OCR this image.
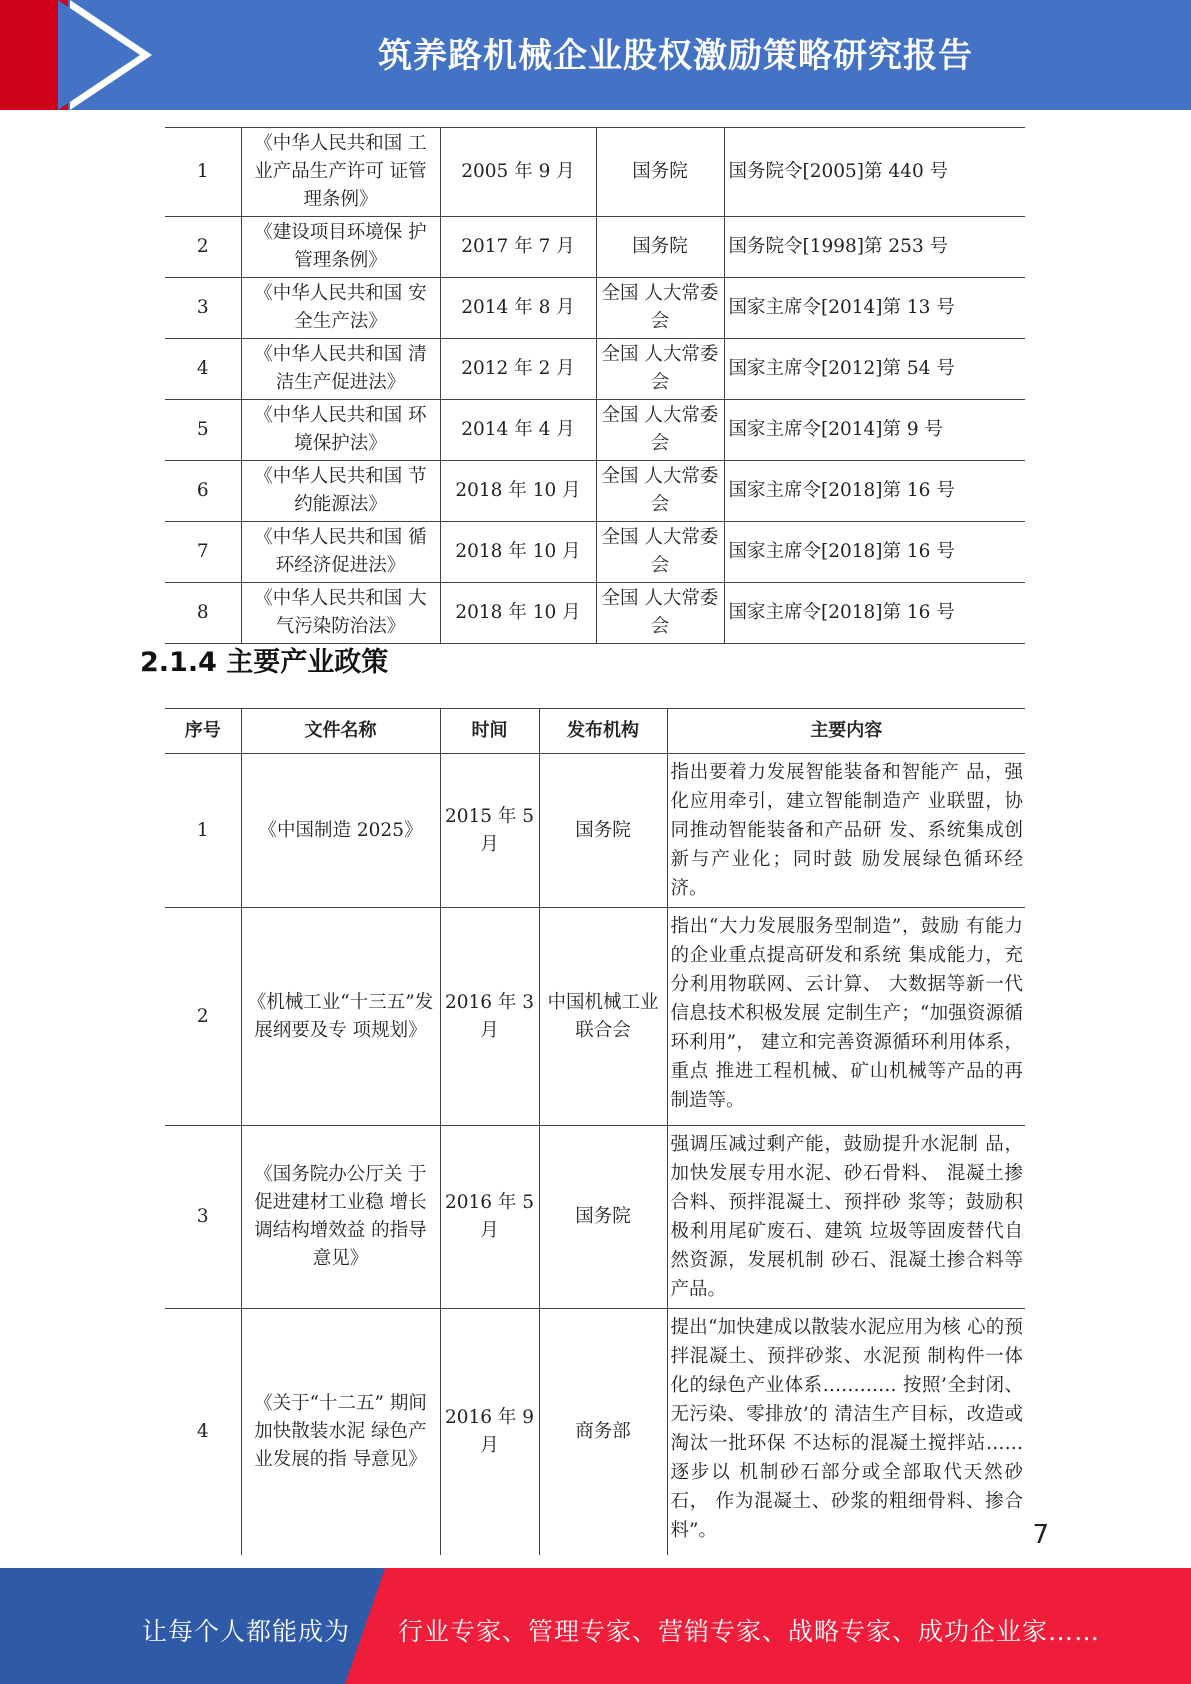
筑养路机械企业股权激励策略研究报告
1	《中华人民共和国 工业产品生产许可 证管理条例》	2005 年 9 月	国务院	国务院令[2005]第 440 号
2	《建设项目环境保 护管理条例》	2017 年 7 月	国务院	国务院令[1998]第 253 号
3	《中华人民共和国 安全生产法》	2014 年 8 月	全国 人大常委会	国家主席令[2014]第 13 号
4	《中华人民共和国 清洁生产促进法》	2012 年 2 月	全国 人大常委会	国家主席令[2012]第 54 号
5	《中华人民共和国 环境保护法》	2014 年 4 月	全国 人大常委会	国家主席令[2014]第 9 号
6	《中华人民共和国 节约能源法》	2018 年 10 月	全国 人大常委会	国家主席令[2018]第 16 号
7	《中华人民共和国 循环经济促进法》	2018 年 10 月	全国 人大常委会	国家主席令[2018]第 16 号
8	《中华人民共和国 大气污染防治法》	2018 年 10 月	全国 人大常委会	国家主席令[2018]第 16 号
2.1.4 主要产业政策
序号	文件名称	时间	发布机构	主要内容
1	《中国制造 2025》	2015 年 5 月	国务院	指出要着力发展智能装备和智能产 品，强化应用牵引，建立智能制造产 业联盟，协同推动智能装备和产品研 发、系统集成创新与产业化；同时鼓 励发展绿色循环经济。
2	《机械工业“十三五”发展纲要及专 项规划》	2016 年 3 月	中国机械工业联合会	指出“大力发展服务型制造”，鼓励 有能力的企业重点提高研发和系统 集成能力，充分利用物联网、云计算、 大数据等新一代信息技术积极发展 定制生产；“加强资源循环利用”， 建立和完善资源循环利用体系，重点 推进工程机械、矿山机械等产品的再 制造等。
3	《国务院办公厅关 于促进建材工业稳 增长调结构增效益 的指导意见》	2016 年 5 月	国务院	强调压减过剩产能，鼓励提升水泥制 品，加快发展专用水泥、砂石骨料、 混凝土掺合料、预拌混凝土、预拌砂 浆等；鼓励积极利用尾矿废石、建筑 垃圾等固废替代自然资源，发展机制 砂石、混凝土掺合料等产品。
4	《关于“十二五” 期间加快散装水泥 绿色产业发展的指 导意见》	2016 年 9 月	商务部	提出“加快建成以散装水泥应用为核 心的预拌混凝土、预拌砂浆、水泥预 制构件一体化的绿色产业体系………… 按照’全封闭、无污染、零排放’的 清洁生产目标，改造或淘汰一批环保 不达标的混凝土搅拌站……逐步以 机制砂石部分或全部取代天然砂石， 作为混凝土、砂浆的粗细骨料、掺合 料”。	7
让每个人都能成为 行业专家、管理专家、营销专家、战略专家、成功企业家……
